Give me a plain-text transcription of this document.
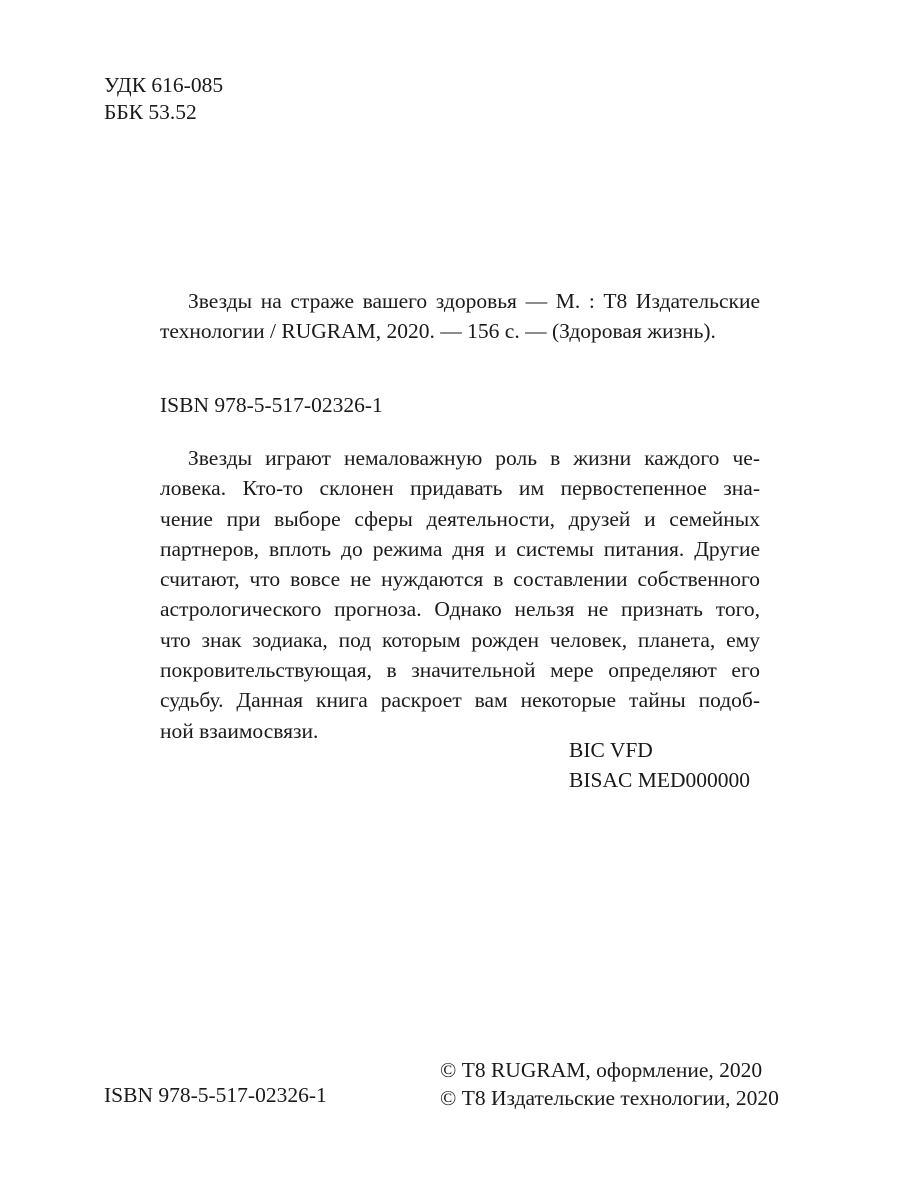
УДК 616-085
ББК 53.52
Звезды на страже вашего здоровья — М. : Т8 Издательские
технологии / RUGRAM, 2020. — 156 с. — (Здоровая жизнь).
ISBN 978-5-517-02326-1
Звезды играют немаловажную роль в жизни каждого че-
ловека. Кто-то склонен придавать им первостепенное зна-
чение при выборе сферы деятельности, друзей и семейных
партнеров, вплоть до режима дня и системы питания. Другие
считают, что вовсе не нуждаются в составлении собственного
астрологического прогноза. Однако нельзя не признать того,
что знак зодиака, под которым рожден человек, планета, ему
покровительствующая, в значительной мере определяют его
судьбу. Данная книга раскроет вам некоторые тайны подоб-
ной взаимосвязи.
BIC VFD
BISAC MED000000
ISBN 978-5-517-02326-1
© Т8 RUGRAM, оформление, 2020
© Т8 Издательские технологии, 2020
